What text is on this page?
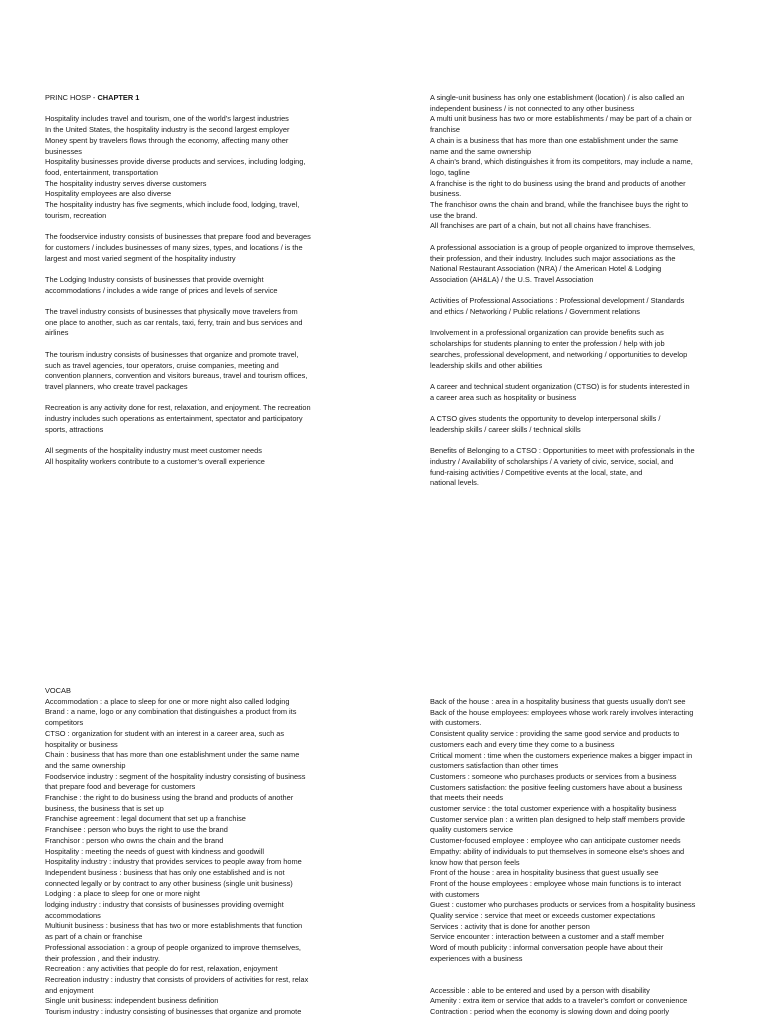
PRINC HOSP - CHAPTER 1

Hospitality includes travel and tourism, one of the world’s largest industries
In the United States, the hospitality industry is the second largest employer
Money spent by travelers flows through the economy, affecting many other
businesses
Hospitality businesses provide diverse products and services, including lodging,
food, entertainment, transportation
The hospitality industry serves diverse customers
Hospitality employees are also diverse
The hospitality industry has five segments, which include food, lodging, travel,
tourism, recreation

The foodservice industry consists of businesses that prepare food and beverages
for customers / includes businesses of many sizes, types, and locations / is the
largest and most varied segment of the hospitality industry

The Lodging Industry consists of businesses that provide overnight
accommodations / includes a wide range of prices and levels of service

The travel industry consists of businesses that physically move travelers from
one place to another, such as car rentals, taxi, ferry, train and bus services and
airlines

The tourism industry consists of businesses that organize and promote travel,
such as travel agencies, tour operators, cruise companies, meeting and
convention planners, convention and visitors bureaus, travel and tourism offices,
travel planners, who create travel packages

Recreation is any activity done for rest, relaxation, and enjoyment. The recreation
industry includes such operations as entertainment, spectator and participatory
sports, attractions

All segments of the hospitality industry must meet customer needs
All hospitality workers contribute to a customer’s overall experience

A single-unit business has only one establishment (location) / is also called an
independent business / is not connected to any other business
A multi unit business has two or more establishments / may be part of a chain or
franchise
A chain is a business that has more than one establishment under the same
name and the same ownership
A chain’s brand, which distinguishes it from its competitors, may include a name,
logo, tagline
A franchise is the right to do business using the brand and products of another
business.
The franchisor owns the chain and brand, while the franchisee buys the right to
use the brand.
All franchises are part of a chain, but not all chains have franchises.

A professional association is a group of people organized to improve themselves,
their profession, and their industry. Includes such major associations as the
National Restaurant Association (NRA) / the American Hotel & Lodging
Association (AH&LA) / the U.S. Travel Association

Activities of Professional Associations : Professional development / Standards
and ethics / Networking / Public relations / Government relations

Involvement in a professional organization can provide benefits such as
scholarships for students planning to enter the profession / help with job
searches, professional development, and networking / opportunities to develop
leadership skills and other abilities

A career and technical student organization (CTSO) is for students interested in
a career area such as hospitality or business

A CTSO gives students the opportunity to develop interpersonal skills /
leadership skills / career skills / technical skills

Benefits of Belonging to a CTSO : Opportunities to meet with professionals in the
industry / Availability of scholarships / A variety of civic, service, social, and
fund-raising activities / Competitive events at the local, state, and
national levels.

VOCAB
Accommodation : a place to sleep for one or more night also called lodging
Brand : a name, logo or any combination that distinguishes a product from its
competitors
CTSO : organization for student with an interest in a career area, such as
hospitality or business
Chain : business that has more than one establishment under the same name
and the same ownership
Foodservice industry : segment of the hospitality industry consisting of business
that prepare food and beverage for customers
Franchise : the right to do business using the brand and products of another
business, the business that is set up
Franchise agreement : legal document that set up a franchise
Franchisee : person who buys the right to use the brand
Franchisor : person who owns the chain and the brand
Hospitality : meeting the needs of guest with kindness and goodwill
Hospitality industry : industry that provides services to people away from home
Independent business : business that has only one established and is not
connected legally or by contract to any other business (single unit business)
Lodging : a place to sleep for one or more night
lodging industry : industry that consists of businesses providing overnight
accommodations
Multiunit business : business that has two or more establishments that function
as part of a chain or franchise
Professional association : a group of people organized to improve themselves,
their profession , and their industry.
Recreation : any activities that people do for rest, relaxation, enjoyment
Recreation industry : industry that consists of providers of activities for rest, relax
and enjoyment
Single unit business: independent business definition
Tourism industry : industry consisting of businesses that organize and promote

Back of the house : area in a hospitality business that guests usually don’t see
Back of the house employees: employees whose work rarely involves interacting
with customers.
Consistent quality service : providing the same good service and products to
customers each and every time they come to a business
Critical moment : time when the customers experience makes a bigger impact in
customers satisfaction than other times
Customers : someone who purchases products or services from a business
Customers satisfaction: the positive feeling customers have about a business
that meets their needs
customer service : the total customer experience with a hospitality business
Customer service plan : a written plan designed to help staff members provide
quality customers service
Customer-focused employee : employee who can anticipate customer needs
Empathy: ability of individuals to put themselves in someone else’s shoes and
know how that person feels
Front of the house : area in hospitality business that guest usually see
Front of the house employees : employee whose main functions is to interact
with customers
Guest : customer who purchases products or services from a hospitality business
Quality service : service that meet or exceeds customer expectations
Services : activity that is done for another person
Service encounter : interaction between a customer and a staff member
Word of mouth publicity : informal conversation people have about their
experiences with a business

Accessible : able to be entered and used by a person with disability
Amenity : extra item or service that adds to a traveler’s comfort or convenience
Contraction : period when the economy is slowing down and doing poorly
